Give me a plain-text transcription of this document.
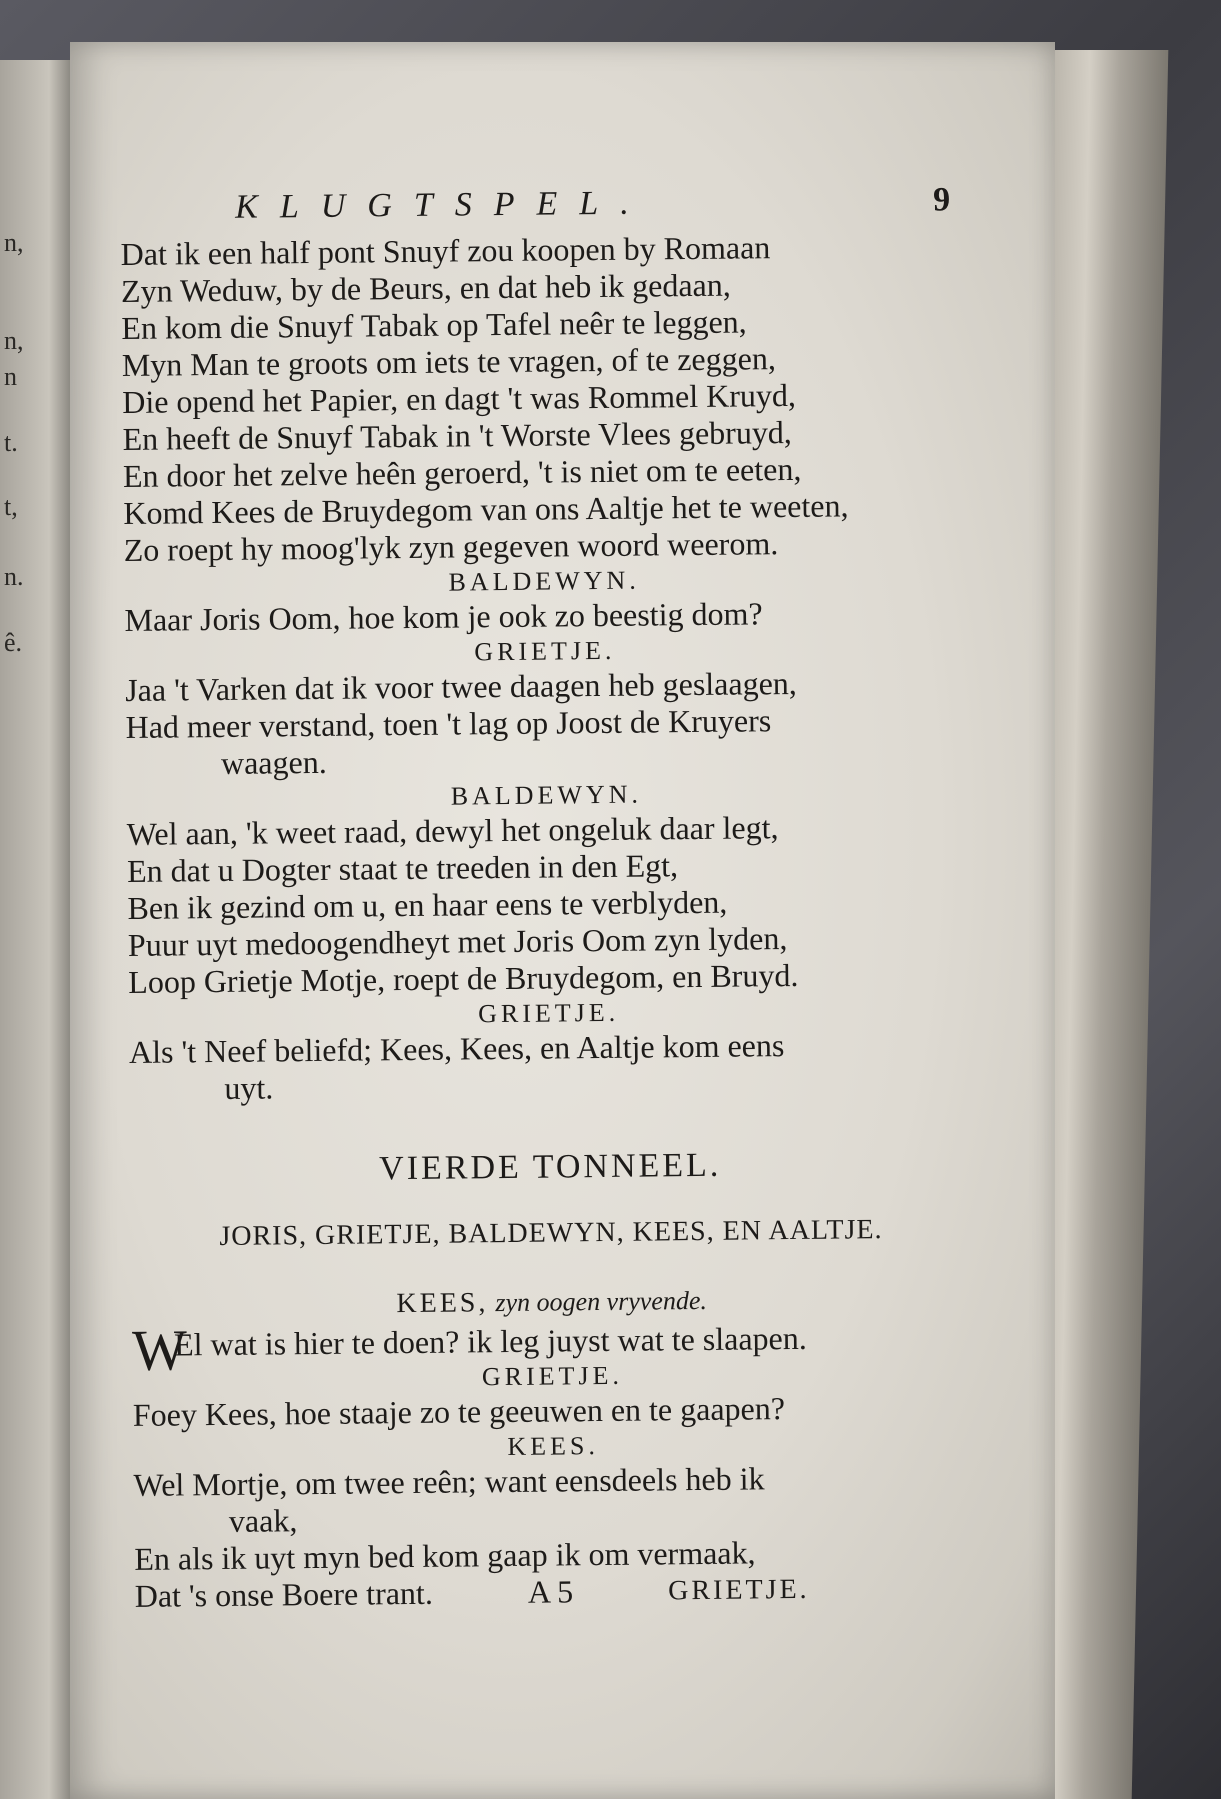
n,
n,
n
t.
t,
n.
ê.
KLUGTSPEL.	9
Dat ik een half pont Snuyf zou koopen by Romaan
Zyn Weduw, by de Beurs, en dat heb ik gedaan,
En kom die Snuyf Tabak op Tafel neêr te leggen,
Myn Man te groots om iets te vragen, of te zeggen,
Die opend het Papier, en dagt 't was Rommel Kruyd,
En heeft de Snuyf Tabak in 't Worste Vlees gebruyd,
En door het zelve heên geroerd, 't is niet om te eeten,
Komd Kees de Bruydegom van ons Aaltje het te weeten,
Zo roept hy moog'lyk zyn gegeven woord weerom.
BALDEWYN.
Maar Joris Oom, hoe kom je ook zo beestig dom?
GRIETJE.
Jaa 't Varken dat ik voor twee daagen heb geslaagen,
Had meer verstand, toen 't lag op Joost de Kruyers
waagen.
BALDEWYN.
Wel aan, 'k weet raad, dewyl het ongeluk daar legt,
En dat u Dogter staat te treeden in den Egt,
Ben ik gezind om u, en haar eens te verblyden,
Puur uyt medoogendheyt met Joris Oom zyn lyden,
Loop Grietje Motje, roept de Bruydegom, en Bruyd.
GRIETJE.
Als 't Neef beliefd; Kees, Kees, en Aaltje kom eens
uyt.
VIERDE TONNEEL.
JORIS, GRIETJE, BALDEWYN, KEES, EN AALTJE.
KEES, zyn oogen vryvende.
W
El wat is hier te doen? ik leg juyst wat te slaapen.
GRIETJE.
Foey Kees, hoe staaje zo te geeuwen en te gaapen?
KEES.
Wel Mortje, om twee reên; want eensdeels heb ik
vaak,
En als ik uyt myn bed kom gaap ik om vermaak,
Dat 's onse Boere trant.	A 5	GRIETJE.
